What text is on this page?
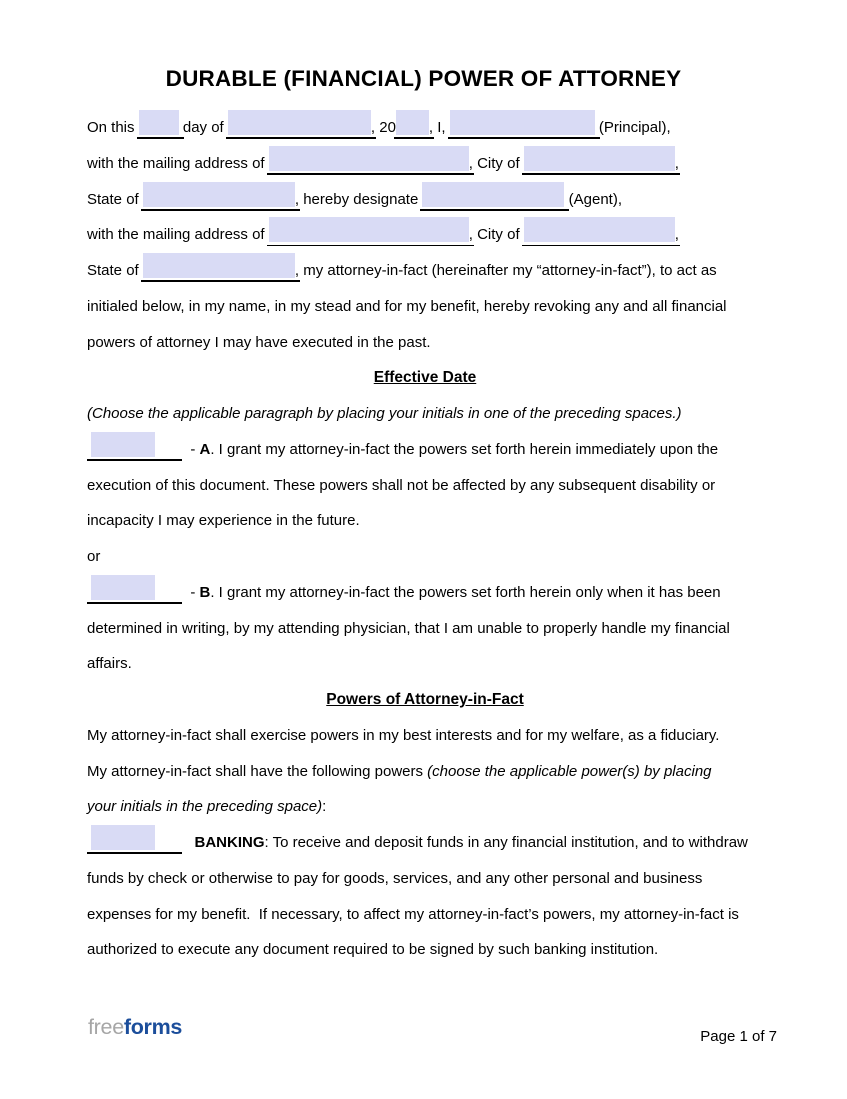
DURABLE (FINANCIAL) POWER OF ATTORNEY
On this	day of	, 20 , I,	(Principal),
with the mailing address of	, City of	,
State of	, hereby designate	(Agent),
with the mailing address of	, City of	,
State of	, my attorney-in-fact (hereinafter my “attorney-in-fact”), to act as
initialed below, in my name, in my stead and for my benefit, hereby revoking any and all financial
powers of attorney I may have executed in the past.
Effective Date
(Choose the applicable paragraph by placing your initials in one of the preceding spaces.)
- A. I grant my attorney-in-fact the powers set forth herein immediately upon the
execution of this document. These powers shall not be affected by any subsequent disability or
incapacity I may experience in the future.
or
- B. I grant my attorney-in-fact the powers set forth herein only when it has been
determined in writing, by my attending physician, that I am unable to properly handle my financial
affairs.
Powers of Attorney-in-Fact
My attorney-in-fact shall exercise powers in my best interests and for my welfare, as a fiduciary.
My attorney-in-fact shall have the following powers (choose the applicable power(s) by placing
your initials in the preceding space):
BANKING: To receive and deposit funds in any financial institution, and to withdraw
funds by check or otherwise to pay for goods, services, and any other personal and business
expenses for my benefit.  If necessary, to affect my attorney-in-fact’s powers, my attorney-in-fact is
authorized to execute any document required to be signed by such banking institution.
freeforms	Page 1 of 7
